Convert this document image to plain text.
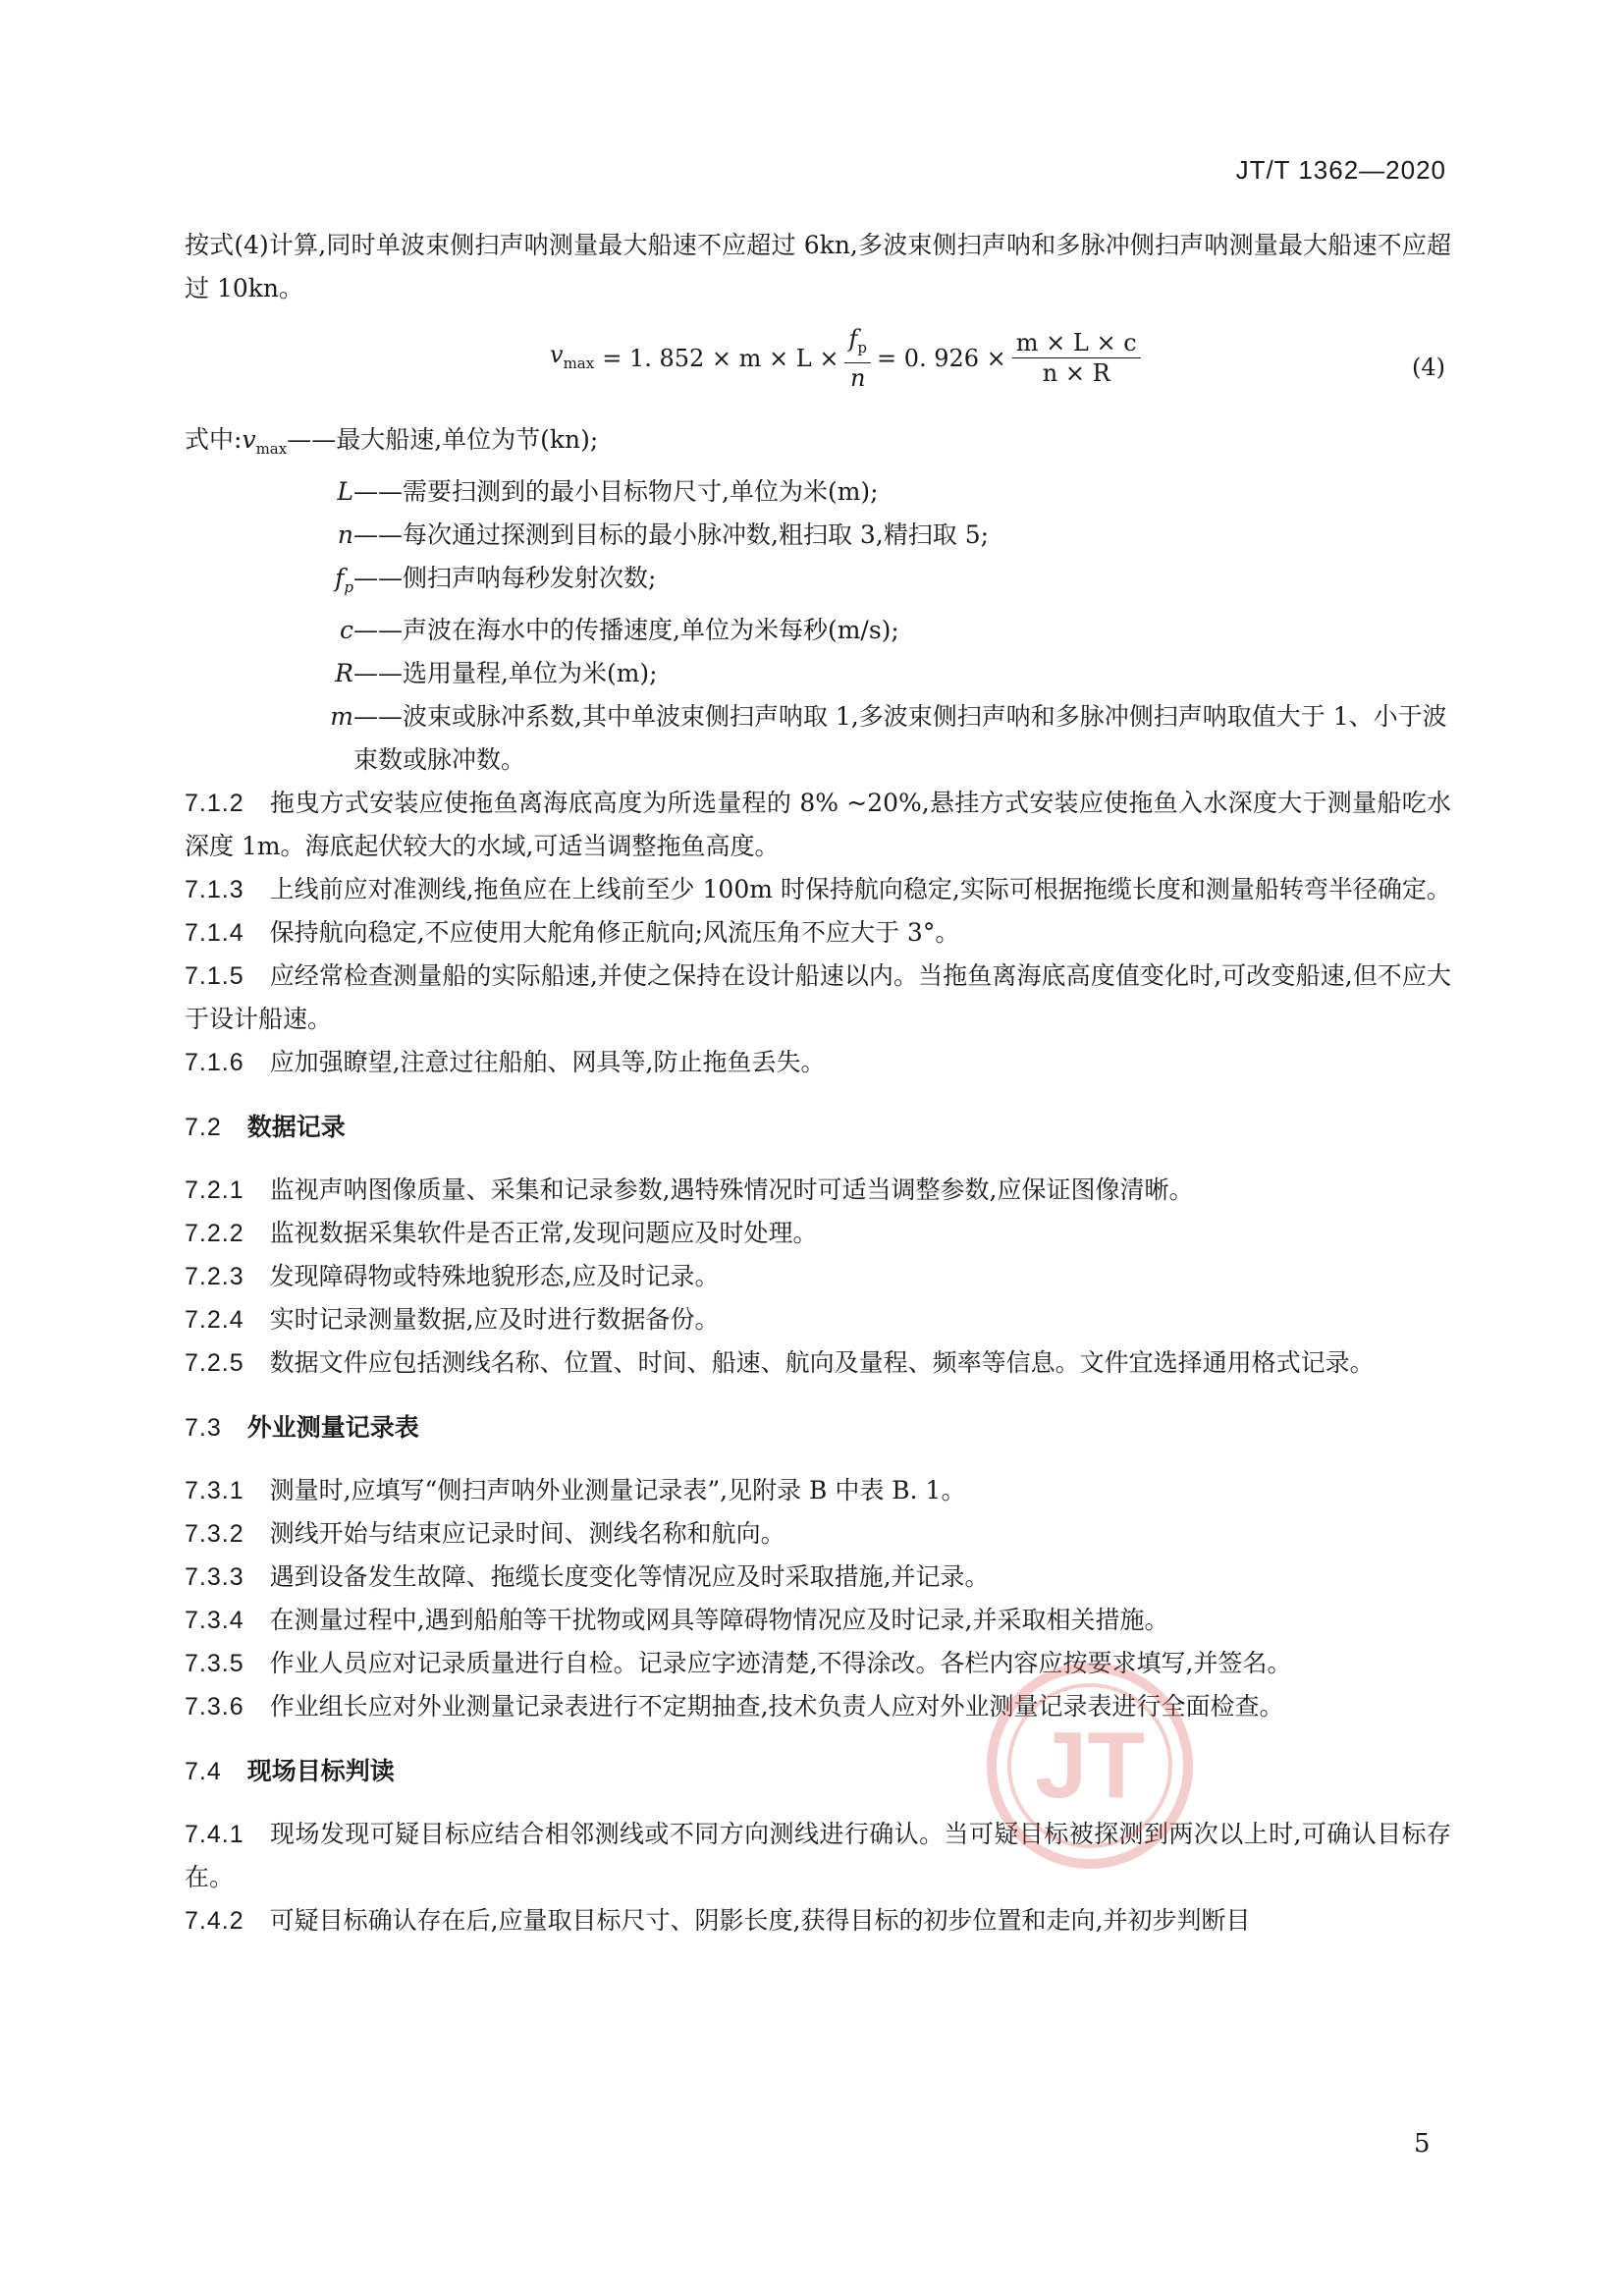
JT/T 1362—2020

按式(4)计算,同时单波束侧扫声呐测量最大船速不应超过 6kn,多波束侧扫声呐和多脉冲侧扫声呐测量最大船速不应超过 10kn。

$v_{max} = 1$. $852 \times m \times L \times \frac{f_p}{n} = 0$. $926 \times \frac{m \times L \times c}{n \times R}$	(4)
式中: $v_{max}$ ——最大船速,单位为节(kn);
L ——需要扫测到的最小目标物尺寸,单位为米(m);
n ——每次通过探测到目标的最小脉冲数,粗扫取 3,精扫取 5;
$f_p$ ——侧扫声呐每秒发射次数;
c ——声波在海水中的传播速度,单位为米每秒(m/s);
R ——选用量程,单位为米(m);
m ——波束或脉冲系数,其中单波束侧扫声呐取 1,多波束侧扫声呐和多脉冲侧扫声呐取值大于 1、小于波束数或脉冲数。

7.1.2 拖曳方式安装应使拖鱼离海底高度为所选量程的 8% ~20%,悬挂方式安装应使拖鱼入水深度大于测量船吃水深度 1m。海底起伏较大的水域,可适当调整拖鱼高度。

7.1.3 上线前应对准测线,拖鱼应在上线前至少 100m 时保持航向稳定,实际可根据拖缆长度和测量船转弯半径确定。

7.1.4 保持航向稳定,不应使用大舵角修正航向;风流压角不应大于 3°。

7.1.5 应经常检查测量船的实际船速,并使之保持在设计船速以内。当拖鱼离海底高度值变化时,可改变船速,但不应大于设计船速。

7.1.6 应加强瞭望,注意过往船舶、网具等,防止拖鱼丢失。

7.2 数据记录

7.2.1 监视声呐图像质量、采集和记录参数,遇特殊情况时可适当调整参数,应保证图像清晰。

7.2.2 监视数据采集软件是否正常,发现问题应及时处理。

7.2.3 发现障碍物或特殊地貌形态,应及时记录。

7.2.4 实时记录测量数据,应及时进行数据备份。

7.2.5 数据文件应包括测线名称、位置、时间、船速、航向及量程、频率等信息。文件宜选择通用格式记录。

7.3 外业测量记录表

7.3.1 测量时,应填写“侧扫声呐外业测量记录表”,见附录 B 中表 B. 1。

7.3.2 测线开始与结束应记录时间、测线名称和航向。

7.3.3 遇到设备发生故障、拖缆长度变化等情况应及时采取措施,并记录。

7.3.4 在测量过程中,遇到船舶等干扰物或网具等障碍物情况应及时记录,并采取相关措施。

7.3.5 作业人员应对记录质量进行自检。记录应字迹清楚,不得涂改。各栏内容应按要求填写,并签名。

7.3.6 作业组长应对外业测量记录表进行不定期抽查,技术负责人应对外业测量记录表进行全面检查。

7.4 现场目标判读

7.4.1 现场发现可疑目标应结合相邻测线或不同方向测线进行确认。当可疑目标被探测到两次以上时,可确认目标存在。

7.4.2 可疑目标确认存在后,应量取目标尺寸、阴影长度,获得目标的初步位置和走向,并初步判断目

JT
5
